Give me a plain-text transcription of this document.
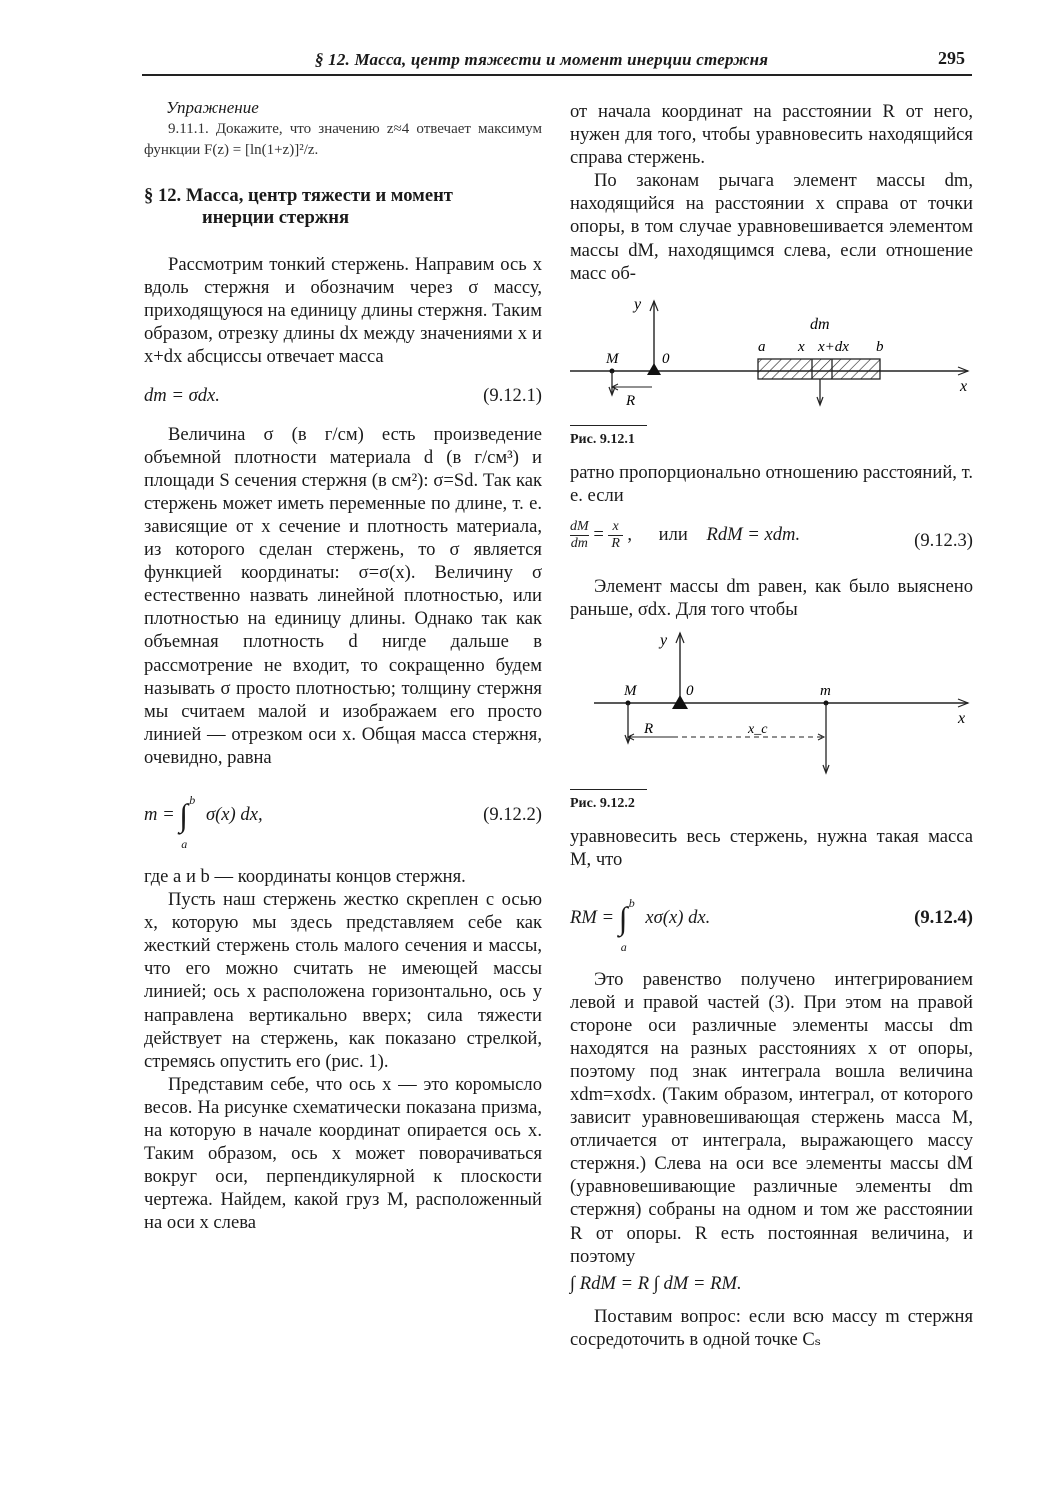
§ 12. Масса, центр тяжести и момент инерции стержня	295
Упражнение

9.11.1. Докажите, что значению z≈4 отвечает максимум функции F(z) = [ln(1+z)]²/z.

§ 12. Масса, центр тяжести и момент
инерции стержня

Рассмотрим тонкий стержень. Направим ось x вдоль стержня и обозначим через σ массу, приходящуюся на единицу длины стержня. Таким образом, отрезку длины dx между значениями x и x+dx абсциссы отвечает масса

dm = σdx.	(9.12.1)

Величина σ (в г/см) есть произведение объемной плотности материала d (в г/см³) и площади S сечения стержня (в см²): σ=Sd. Так как стержень может иметь переменные по длине, т. е. зависящие от x сечение и плотность материала, из которого сделан стержень, то σ является функцией координаты: σ=σ(x). Величину σ естественно назвать линейной плотностью, или плотностью на единицу длины. Однако так как объемная плотность d нигде дальше в рассмотрение не входит, то сокращенно будем называть σ просто плотностью; толщину стержня мы считаем малой и изображаем его просто линией — отрезком оси x. Общая масса стержня, очевидно, равна

m = ∫ b
a
σ(x) dx,	(9.12.2)

где a и b — координаты концов стержня.

Пусть наш стержень жестко скреплен с осью x, которую мы здесь представляем себе как жесткий стержень столь малого сечения и массы, что его можно считать не имеющей массы линией; ось x расположена горизонтально, ось y направлена вертикально вверх; сила тяжести действует на стержень, как показано стрелкой, стремясь опустить его (рис. 1).

Представим себе, что ось x — это коромысло весов. На рисунке схематически показана призма, на которую в начале координат опирается ось x. Таким образом, ось x может поворачиваться вокруг оси, перпендикулярной к плоскости чертежа. Найдем, какой груз M, расположенный на оси x слева

от начала координат на расстоянии R от него, нужен для того, чтобы уравновесить находящийся справа стержень.

По законам рычага элемент массы dm, находящийся на расстоянии x справа от точки опоры, в том случае уравновешивается элементом массы dM, находящимся слева, если отношение масс об-

y
M	0
R
a x x+dx b
dm
x
Рис. 9.12.1

ратно пропорционально отношению расстояний, т. е. если

$\frac{dM}{dm} = \frac{x}{R}$ , или RdM = xdm.	(9.12.3)

Элемент массы dm равен, как было выяснено раньше, σdx. Для того чтобы

y
M	0
R
m
x_c
x
Рис. 9.12.2

уравновесить весь стержень, нужна такая масса M, что

RM = ∫ b
a
xσ(x) dx.	(9.12.4)

Это равенство получено интегрированием левой и правой частей (3). При этом на правой стороне оси различные элементы массы dm находятся на разных расстояниях x от опоры, поэтому под знак интеграла вошла величина xdm=xσdx. (Таким образом, интеграл, от которого зависит уравновешивающая стержень масса M, отличается от интеграла, выражающего массу стержня.) Слева на оси все элементы массы dM (уравновешивающие различные элементы dm стержня) собраны на одном и том же расстоянии R от опоры. R есть постоянная величина, и поэтому

∫ RdM = R ∫ dM = RM.

Поставим вопрос: если всю массу m стержня сосредоточить в одной точке Cₛ
